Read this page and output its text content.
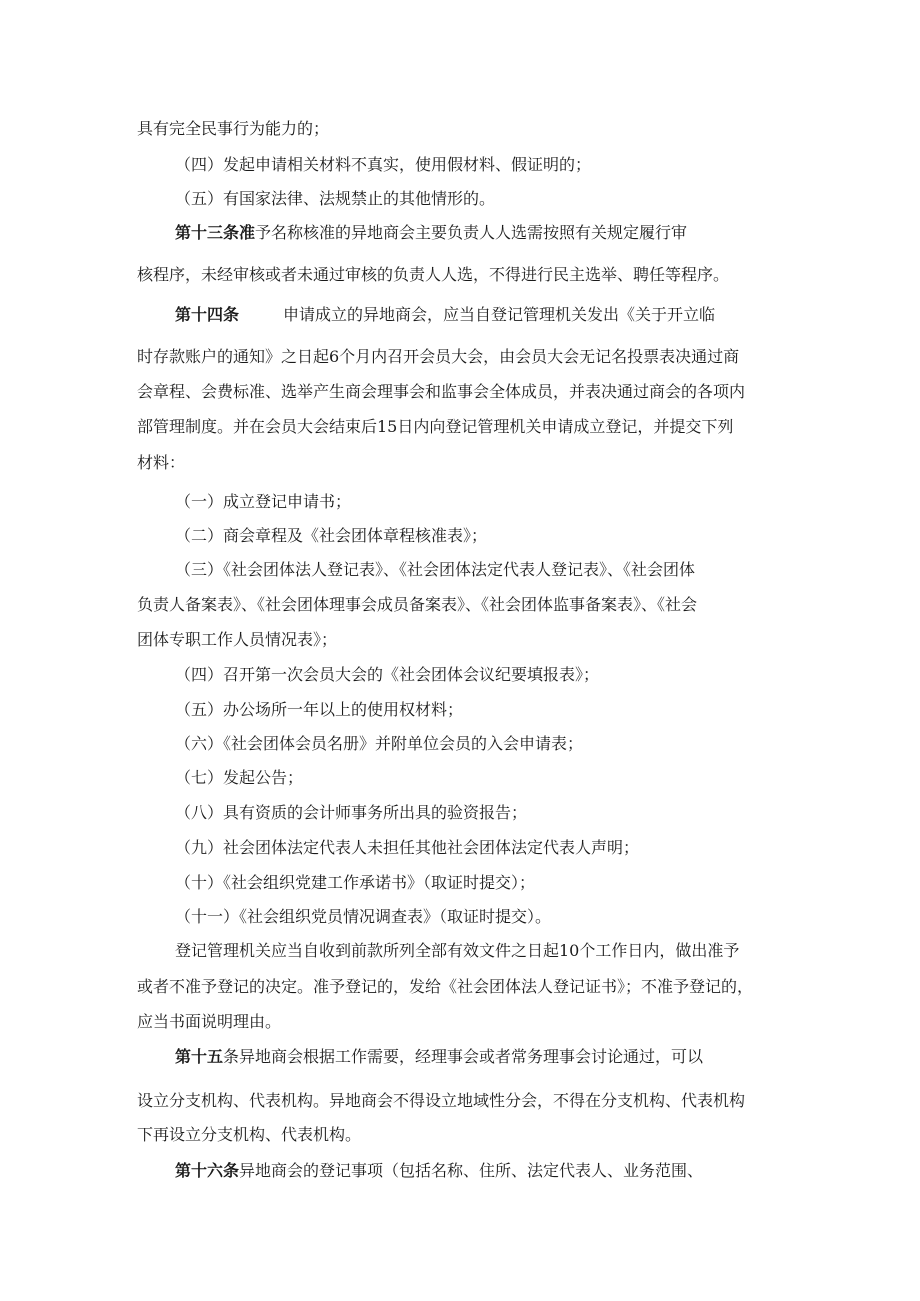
具有完全民事行为能力的；
（四）发起申请相关材料不真实，使用假材料、假证明的；
（五）有国家法律、法规禁止的其他情形的。
第十三条准予名称核准的异地商会主要负责人人选需按照有关规定履行审
核程序，未经审核或者未通过审核的负责人人选，不得进行民主选举、聘任等程序。
第十四条	申请成立的异地商会，应当自登记管理机关发出《关于开立临
时存款账户的通知》之日起6个月内召开会员大会，由会员大会无记名投票表决通过商
会章程、会费标准、选举产生商会理事会和监事会全体成员，并表决通过商会的各项内
部管理制度。并在会员大会结束后15日内向登记管理机关申请成立登记，并提交下列
材料：
（一）成立登记申请书；
（二）商会章程及《社会团体章程核准表》；
（三）《社会团体法人登记表》、《社会团体法定代表人登记表》、《社会团体
负责人备案表》、《社会团体理事会成员备案表》、《社会团体监事备案表》、《社会
团体专职工作人员情况表》；
（四）召开第一次会员大会的《社会团体会议纪要填报表》；
（五）办公场所一年以上的使用权材料；
（六）《社会团体会员名册》并附单位会员的入会申请表；
（七）发起公告；
（八）具有资质的会计师事务所出具的验资报告；
（九）社会团体法定代表人未担任其他社会团体法定代表人声明；
（十）《社会组织党建工作承诺书》（取证时提交）；
（十一）《社会组织党员情况调查表》（取证时提交）。
登记管理机关应当自收到前款所列全部有效文件之日起10个工作日内，做出准予
或者不准予登记的决定。准予登记的，发给《社会团体法人登记证书》；不准予登记的，
应当书面说明理由。
第十五条异地商会根据工作需要，经理事会或者常务理事会讨论通过，可以
设立分支机构、代表机构。异地商会不得设立地域性分会，不得在分支机构、代表机构
下再设立分支机构、代表机构。
第十六条异地商会的登记事项（包括名称、住所、法定代表人、业务范围、
